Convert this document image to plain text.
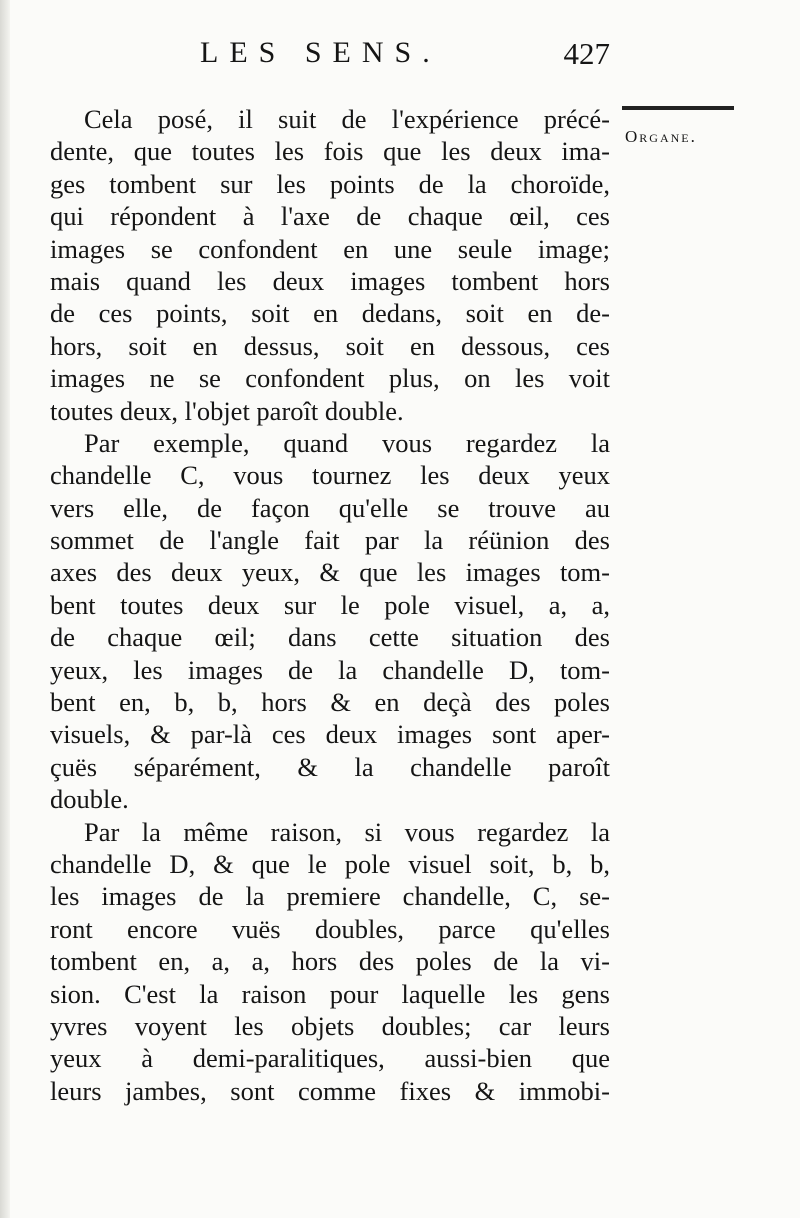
LES SENS.	427
Organe.
Cela posé, il suit de l'expérience précé-
dente, que toutes les fois que les deux ima-
ges tombent sur les points de la choroïde,
qui répondent à l'axe de chaque œil, ces
images se confondent en une seule image;
mais quand les deux images tombent hors
de ces points, soit en dedans, soit en de-
hors, soit en dessus, soit en dessous, ces
images ne se confondent plus, on les voit
toutes deux, l'objet paroît double.
Par exemple, quand vous regardez la
chandelle C, vous tournez les deux yeux
vers elle, de façon qu'elle se trouve au
sommet de l'angle fait par la réünion des
axes des deux yeux, & que les images tom-
bent toutes deux sur le pole visuel, a, a,
de chaque œil; dans cette situation des
yeux, les images de la chandelle D, tom-
bent en, b, b, hors & en deçà des poles
visuels, & par-là ces deux images sont aper-
çuës séparément, & la chandelle paroît
double.
Par la même raison, si vous regardez la
chandelle D, & que le pole visuel soit, b, b,
les images de la premiere chandelle, C, se-
ront encore vuës doubles, parce qu'elles
tombent en, a, a, hors des poles de la vi-
sion. C'est la raison pour laquelle les gens
yvres voyent les objets doubles; car leurs
yeux à demi-paralitiques, aussi-bien que
leurs jambes, sont comme fixes & immobi-
